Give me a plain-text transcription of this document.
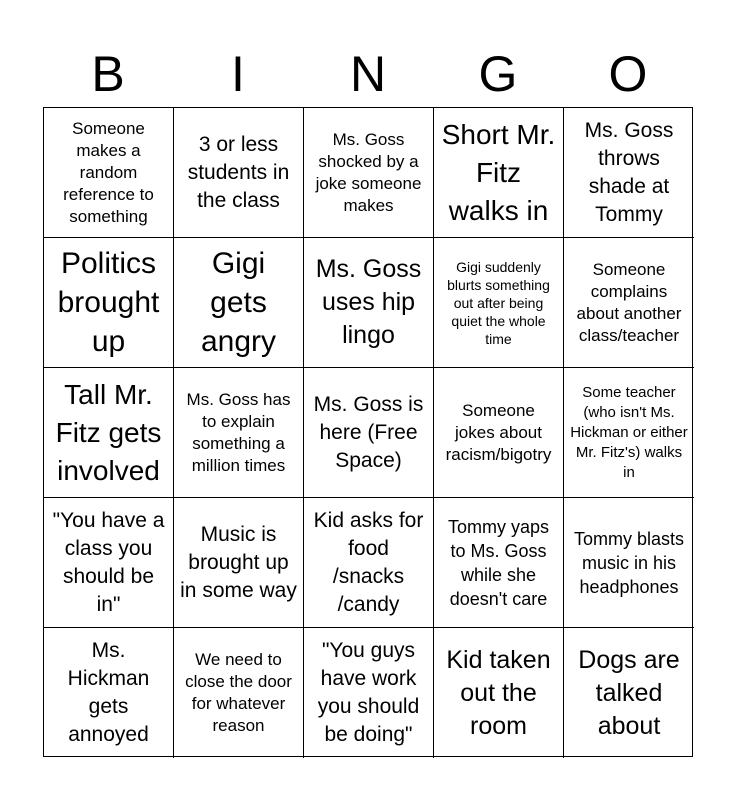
B	I	N	G	O
Someone makes a random reference to something
3 or less students in the class
Ms. Goss shocked by a joke someone makes
Short Mr. Fitz walks in
Ms. Goss throws shade at Tommy
Politics brought up
Gigi gets angry
Ms. Goss uses hip lingo
Gigi suddenly blurts something out after being quiet the whole time
Someone complains about another class/teacher
Tall Mr. Fitz gets involved
Ms. Goss has to explain something a million times
Ms. Goss is here (Free Space)
Someone jokes about racism/bigotry
Some teacher (who isn't Ms. Hickman or either Mr. Fitz's) walks in
"You have a class you should be in"
Music is brought up in some way
Kid asks for food /snacks /candy
Tommy yaps to Ms. Goss while she doesn't care
Tommy blasts music in his headphones
Ms. Hickman gets annoyed
We need to close the door for whatever reason
"You guys have work you should be doing"
Kid taken out the room
Dogs are talked about
